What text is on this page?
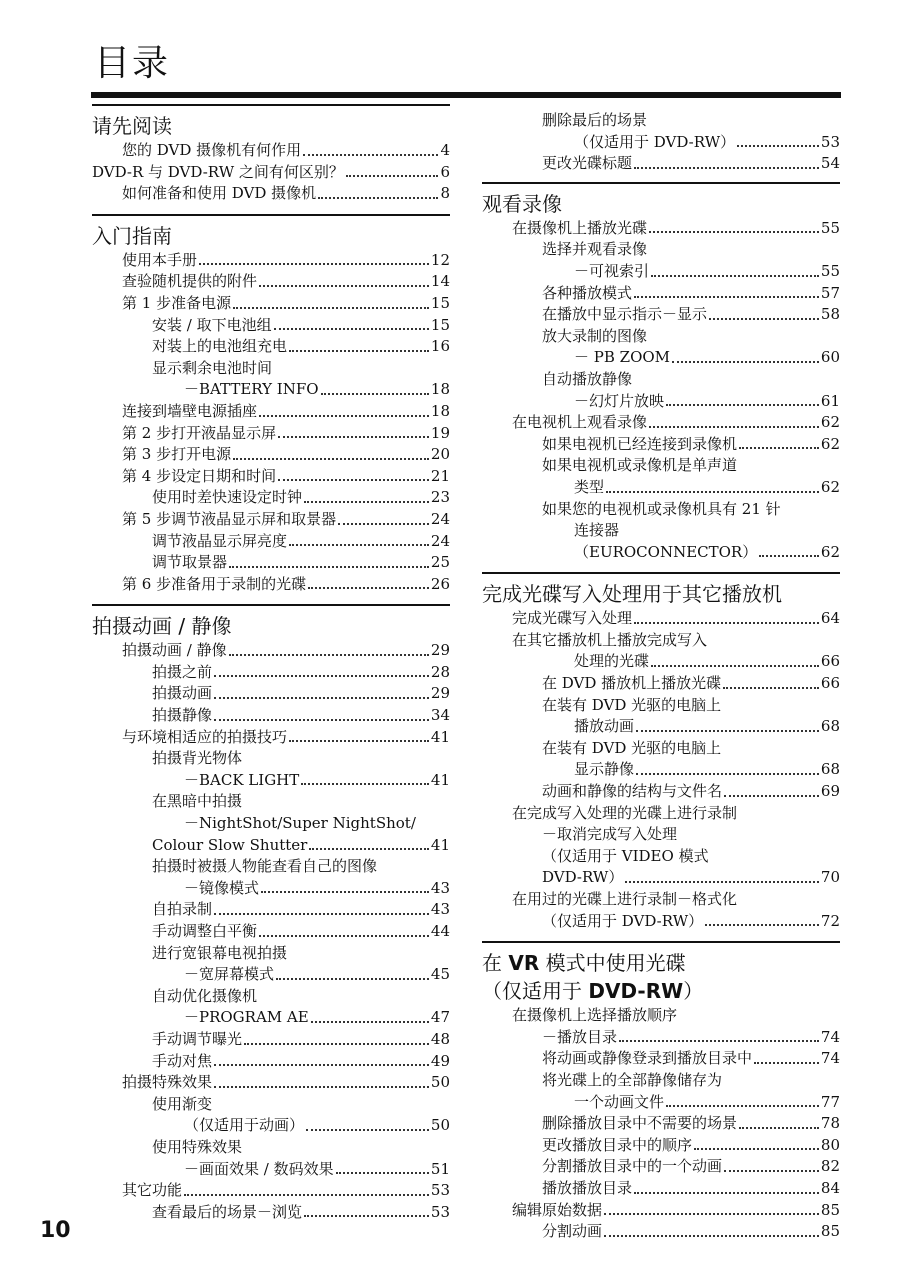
目录
请先阅读
您的 DVD 摄像机有何作用	4
DVD-R 与 DVD-RW 之间有何区别？	6
如何准备和使用 DVD 摄像机	8
入门指南
使用本手册	12
查验随机提供的附件	14
第 1 步准备电源	15
安装 / 取下电池组	15
对装上的电池组充电	16
显示剩余电池时间
－BATTERY INFO	18
连接到墙壁电源插座	18
第 2 步打开液晶显示屏	19
第 3 步打开电源	20
第 4 步设定日期和时间	21
使用时差快速设定时钟	23
第 5 步调节液晶显示屏和取景器	24
调节液晶显示屏亮度	24
调节取景器	25
第 6 步准备用于录制的光碟	26
拍摄动画 / 静像
拍摄动画 / 静像	29
拍摄之前	28
拍摄动画	29
拍摄静像	34
与环境相适应的拍摄技巧	41
拍摄背光物体
－BACK LIGHT	41
在黑暗中拍摄
－NightShot/Super NightShot/
Colour Slow Shutter	41
拍摄时被摄人物能查看自己的图像
－镜像模式	43
自拍录制	43
手动调整白平衡	44
进行宽银幕电视拍摄
－宽屏幕模式	45
自动优化摄像机
－PROGRAM AE	47
手动调节曝光	48
手动对焦	49
拍摄特殊效果	50
使用渐变
（仅适用于动画）	50
使用特殊效果
－画面效果 / 数码效果	51
其它功能	53
查看最后的场景－浏览	53
删除最后的场景
（仅适用于 DVD-RW）	53
更改光碟标题	54
观看录像
在摄像机上播放光碟	55
选择并观看录像
－可视索引	55
各种播放模式	57
在播放中显示指示－显示	58
放大录制的图像
－ PB ZOOM	60
自动播放静像
－幻灯片放映	61
在电视机上观看录像	62
如果电视机已经连接到录像机	62
如果电视机或录像机是单声道
类型	62
如果您的电视机或录像机具有 21 针
连接器
（EUROCONNECTOR）	62
完成光碟写入处理用于其它播放机
完成光碟写入处理	64
在其它播放机上播放完成写入
处理的光碟	66
在 DVD 播放机上播放光碟	66
在装有 DVD 光驱的电脑上
播放动画	68
在装有 DVD 光驱的电脑上
显示静像	68
动画和静像的结构与文件名	69
在完成写入处理的光碟上进行录制
－取消完成写入处理
（仅适用于 VIDEO 模式
DVD-RW）	70
在用过的光碟上进行录制－格式化
（仅适用于 DVD-RW）	72
在 VR 模式中使用光碟
（仅适用于 DVD-RW）
在摄像机上选择播放顺序
－播放目录	74
将动画或静像登录到播放目录中	74
将光碟上的全部静像储存为
一个动画文件	77
删除播放目录中不需要的场景	78
更改播放目录中的顺序	80
分割播放目录中的一个动画	82
播放播放目录	84
编辑原始数据	85
分割动画	85
10
